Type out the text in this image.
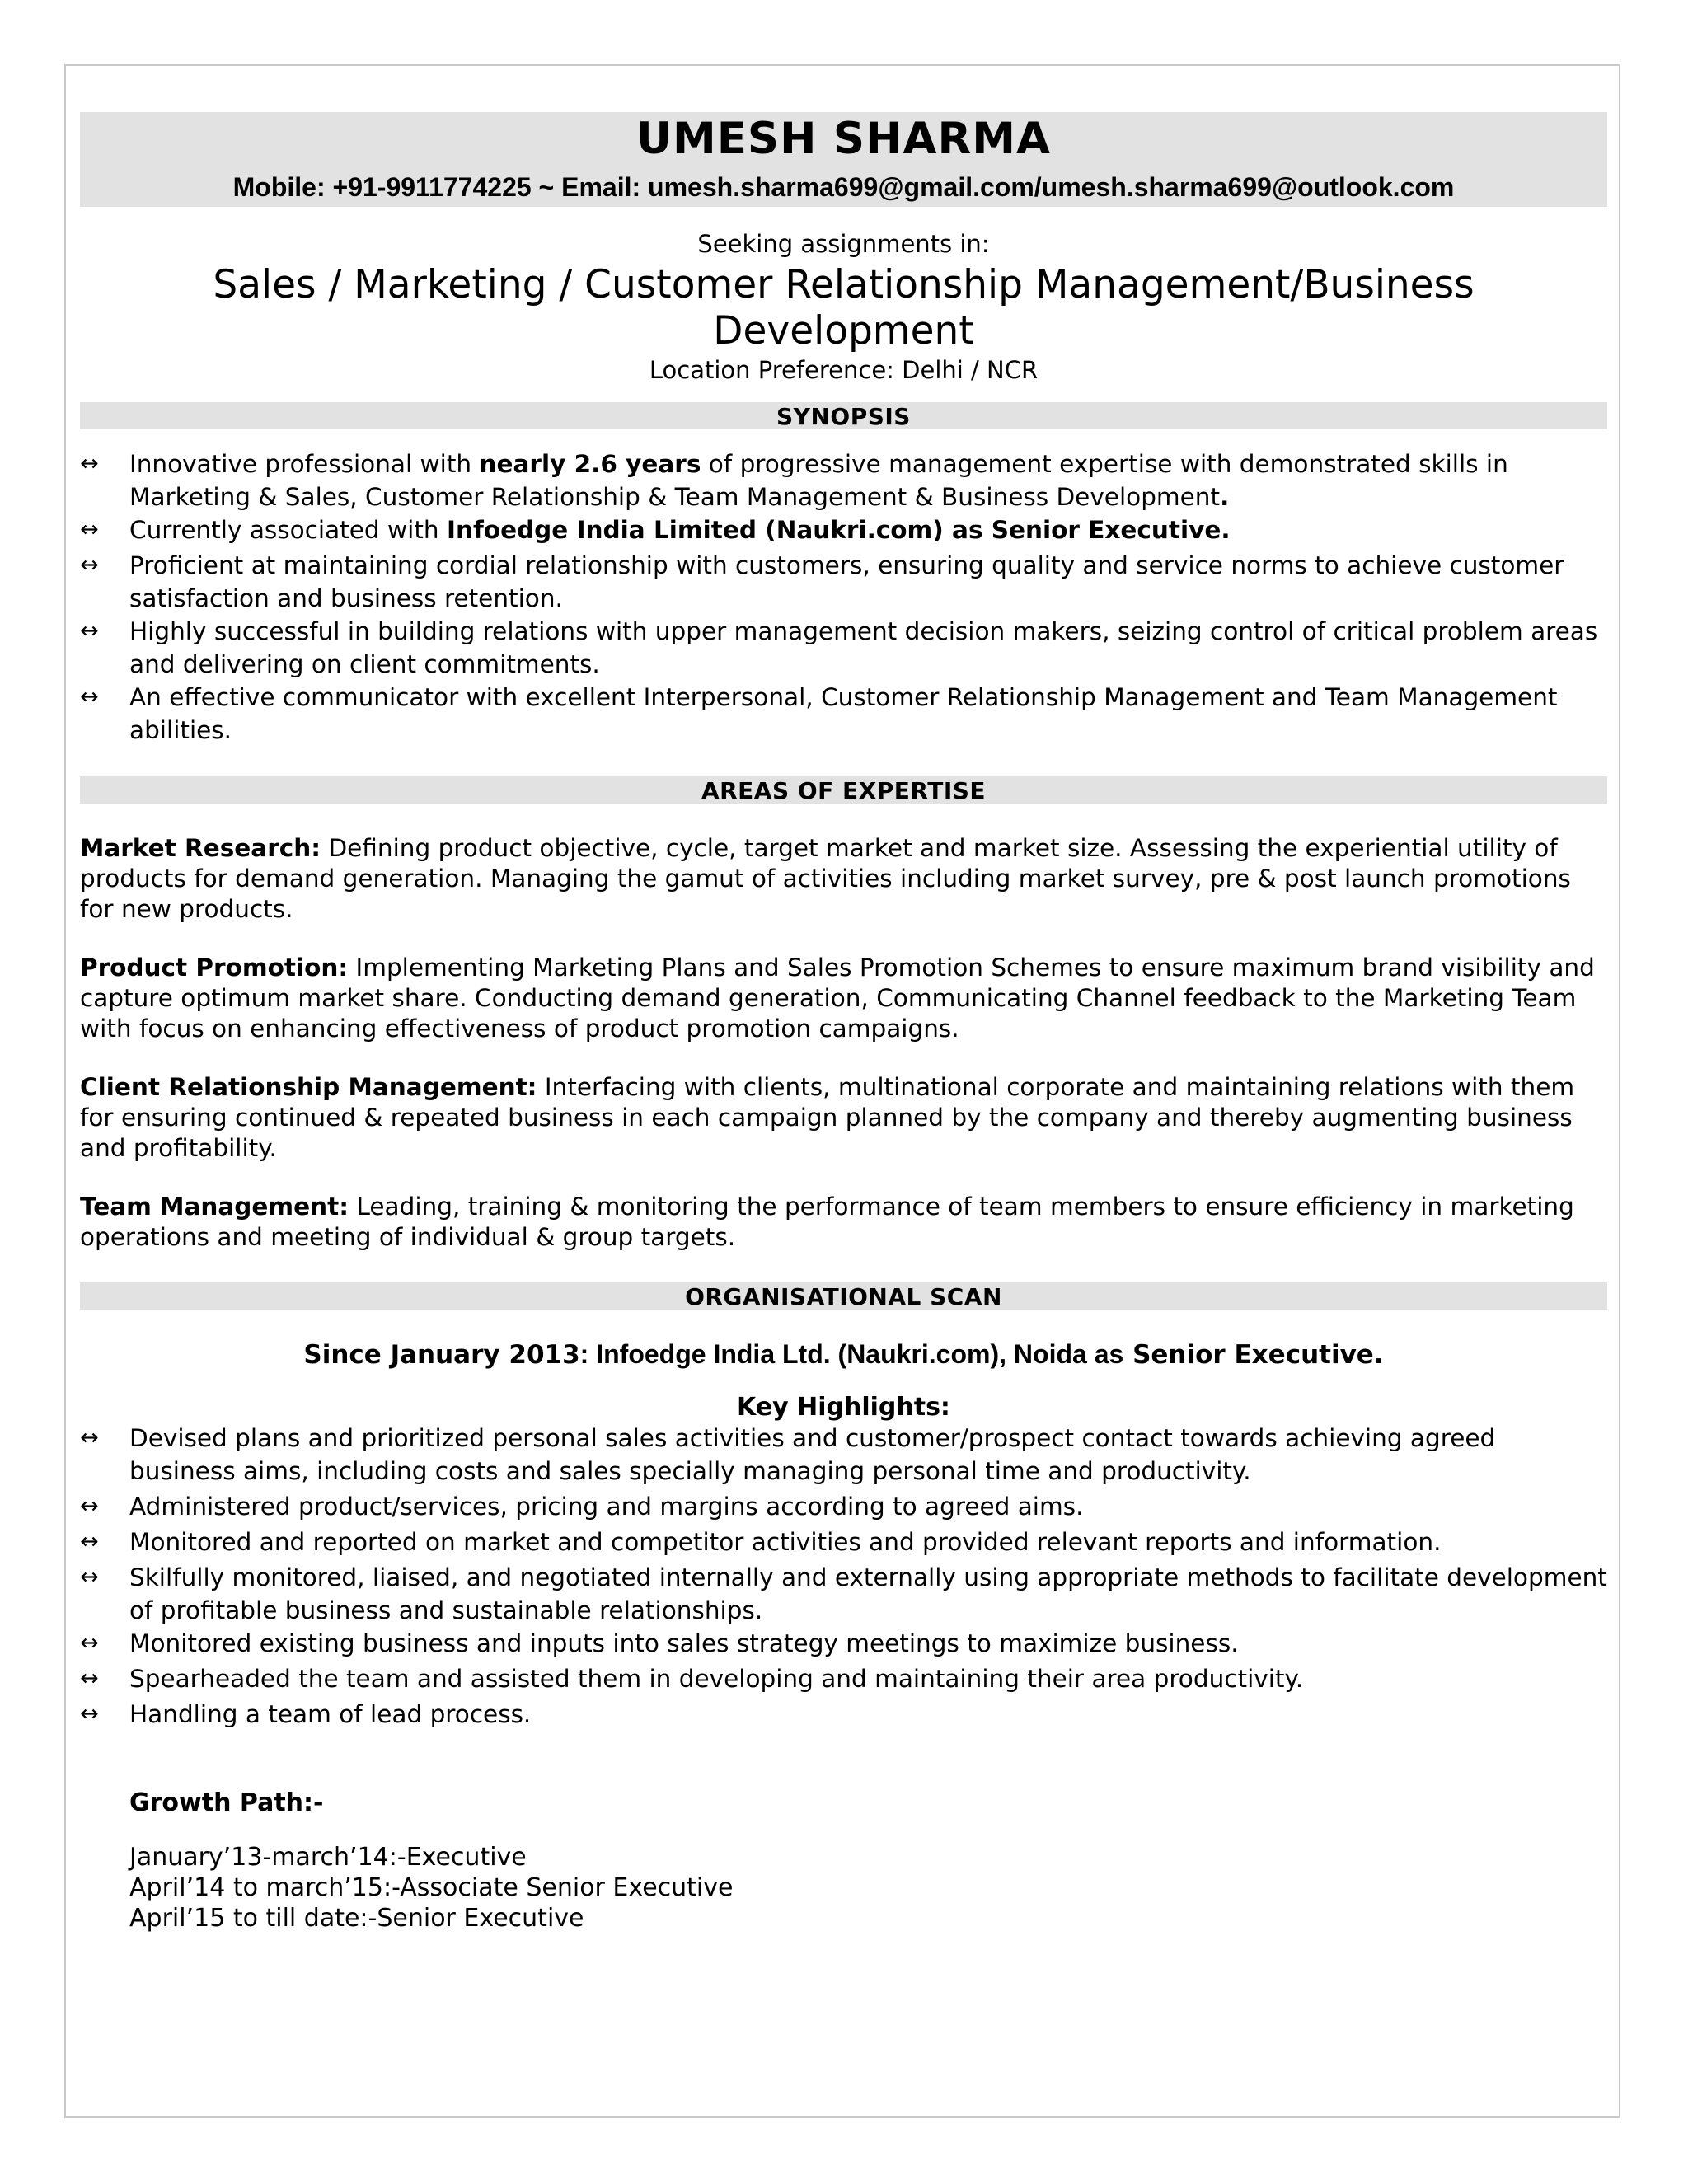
UMESH SHARMA
Mobile: +91-9911774225 ~ Email: umesh.sharma699@gmail.com/umesh.sharma699@outlook.com
Seeking assignments in:
Sales / Marketing / Customer Relationship Management/Business
Development
Location Preference: Delhi / NCR
SYNOPSIS
↔ Innovative professional with nearly 2.6 years of progressive management expertise with demonstrated skills in Marketing & Sales, Customer Relationship & Team Management & Business Development.
↔ Currently associated with Infoedge India Limited (Naukri.com) as Senior Executive.
↔ Proficient at maintaining cordial relationship with customers, ensuring quality and service norms to achieve customer satisfaction and business retention.
↔ Highly successful in building relations with upper management decision makers, seizing control of critical problem areas and delivering on client commitments.
↔ An effective communicator with excellent Interpersonal, Customer Relationship Management and Team Management abilities.
AREAS OF EXPERTISE
Market Research: Defining product objective, cycle, target market and market size. Assessing the experiential utility of products for demand generation. Managing the gamut of activities including market survey, pre & post launch promotions for new products.
Product Promotion: Implementing Marketing Plans and Sales Promotion Schemes to ensure maximum brand visibility and capture optimum market share. Conducting demand generation, Communicating Channel feedback to the Marketing Team with focus on enhancing effectiveness of product promotion campaigns.
Client Relationship Management: Interfacing with clients, multinational corporate and maintaining relations with them for ensuring continued & repeated business in each campaign planned by the company and thereby augmenting business and profitability.
Team Management: Leading, training & monitoring the performance of team members to ensure efficiency in marketing operations and meeting of individual & group targets.
ORGANISATIONAL SCAN
Since January 2013: Infoedge India Ltd. (Naukri.com), Noida as Senior Executive.
Key Highlights:
↔ Devised plans and prioritized personal sales activities and customer/prospect contact towards achieving agreed business aims, including costs and sales specially managing personal time and productivity.
↔ Administered product/services, pricing and margins according to agreed aims.
↔ Monitored and reported on market and competitor activities and provided relevant reports and information.
↔ Skilfully monitored, liaised, and negotiated internally and externally using appropriate methods to facilitate development of profitable business and sustainable relationships.
↔ Monitored existing business and inputs into sales strategy meetings to maximize business.
↔ Spearheaded the team and assisted them in developing and maintaining their area productivity.
↔ Handling a team of lead process.
Growth Path:-
January’13-march’14:-Executive
April’14 to march’15:-Associate Senior Executive
April’15 to till date:-Senior Executive
